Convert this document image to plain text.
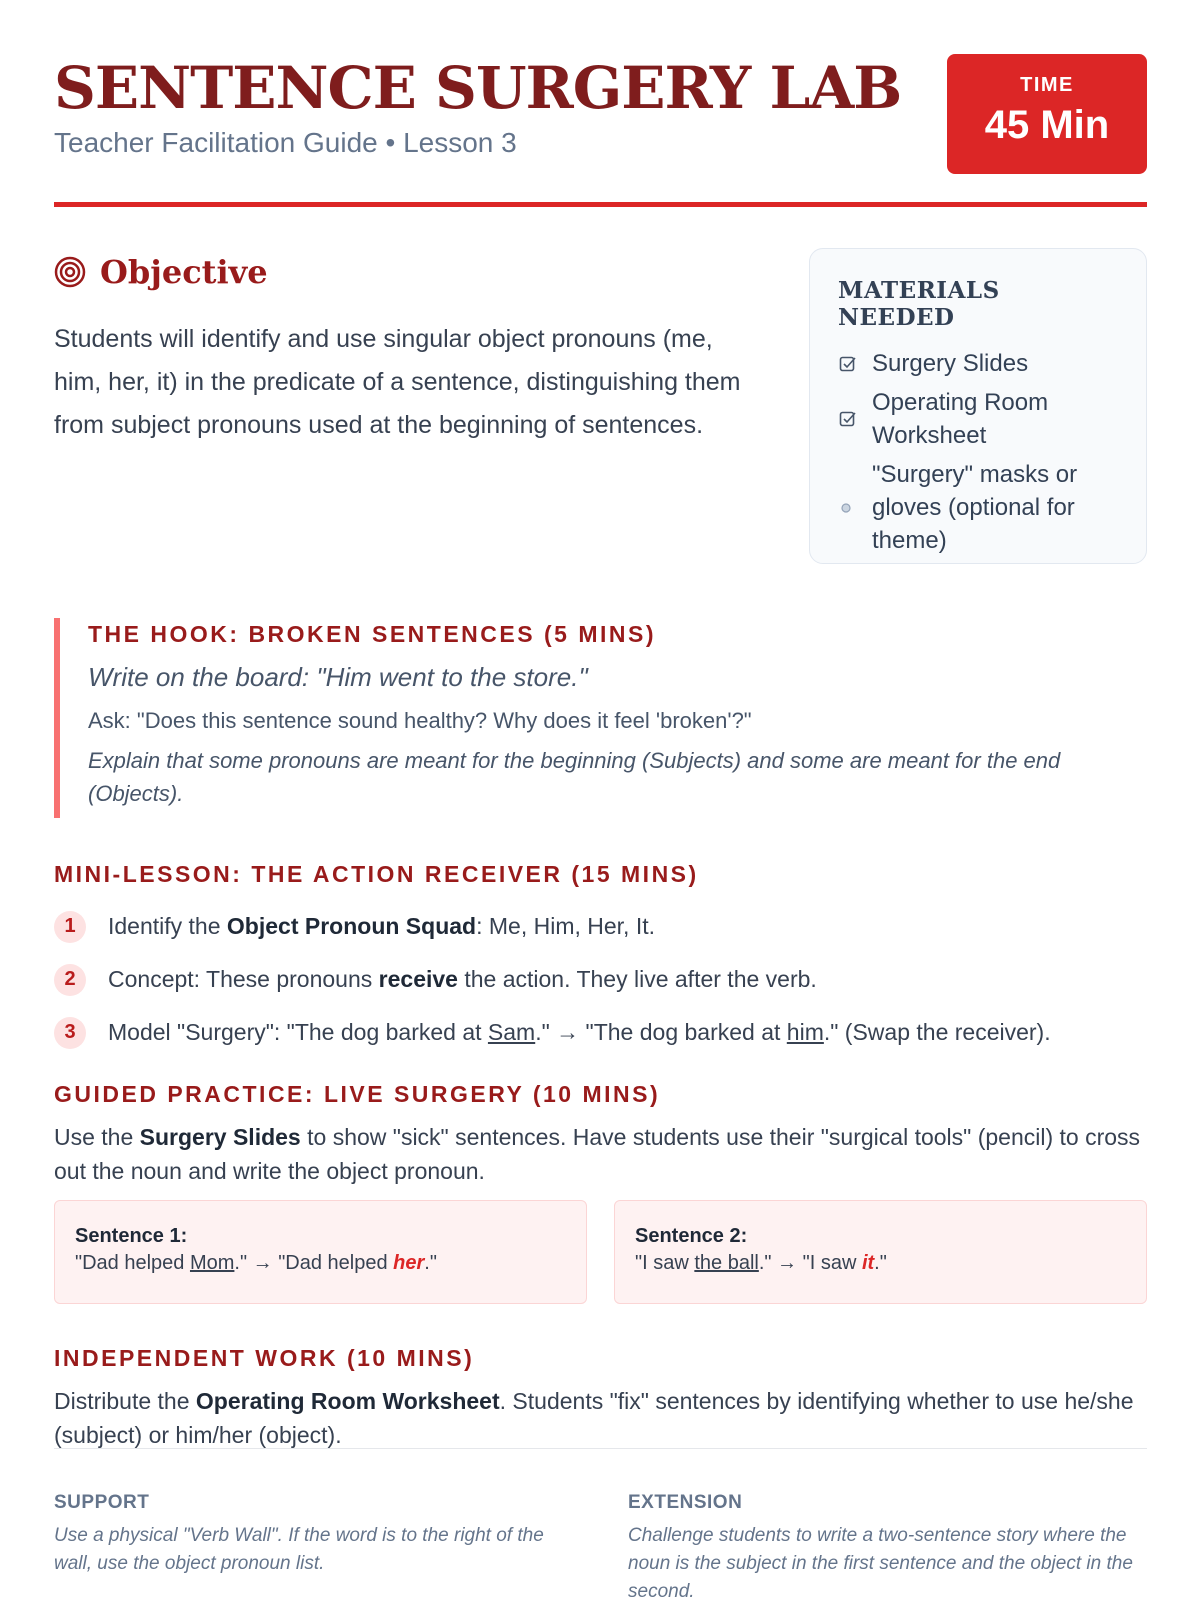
SENTENCE SURGERY LAB
Teacher Facilitation Guide • Lesson 3
TIME
45 Min
Objective

Students will identify and use singular object pronouns (me, him, her, it) in the predicate of a sentence, distinguishing them from subject pronouns used at the beginning of sentences.

MATERIALS NEEDED
Surgery Slides
Operating Room Worksheet
"Surgery" masks or gloves (optional for theme)
THE HOOK: BROKEN SENTENCES (5 MINS)

Write on the board: "Him went to the store."

Ask: "Does this sentence sound healthy? Why does it feel 'broken'?"

Explain that some pronouns are meant for the beginning (Subjects) and some are meant for the end (Objects).

MINI-LESSON: THE ACTION RECEIVER (15 MINS)
1	Identify the Object Pronoun Squad: Me, Him, Her, It.
2	Concept: These pronouns receive the action. They live after the verb.
3	Model "Surgery": "The dog barked at Sam." → "The dog barked at him." (Swap the receiver).
GUIDED PRACTICE: LIVE SURGERY (10 MINS)

Use the Surgery Slides to show "sick" sentences. Have students use their "surgical tools" (pencil) to cross out the noun and write the object pronoun.

Sentence 1:
"Dad helped Mom." → "Dad helped her."
Sentence 2:
"I saw the ball." → "I saw it."
INDEPENDENT WORK (10 MINS)

Distribute the Operating Room Worksheet. Students "fix" sentences by identifying whether to use he/she (subject) or him/her (object).

SUPPORT

Use a physical "Verb Wall". If the word is to the right of the wall, use the object pronoun list.

EXTENSION

Challenge students to write a two-sentence story where the noun is the subject in the first sentence and the object in the second.
